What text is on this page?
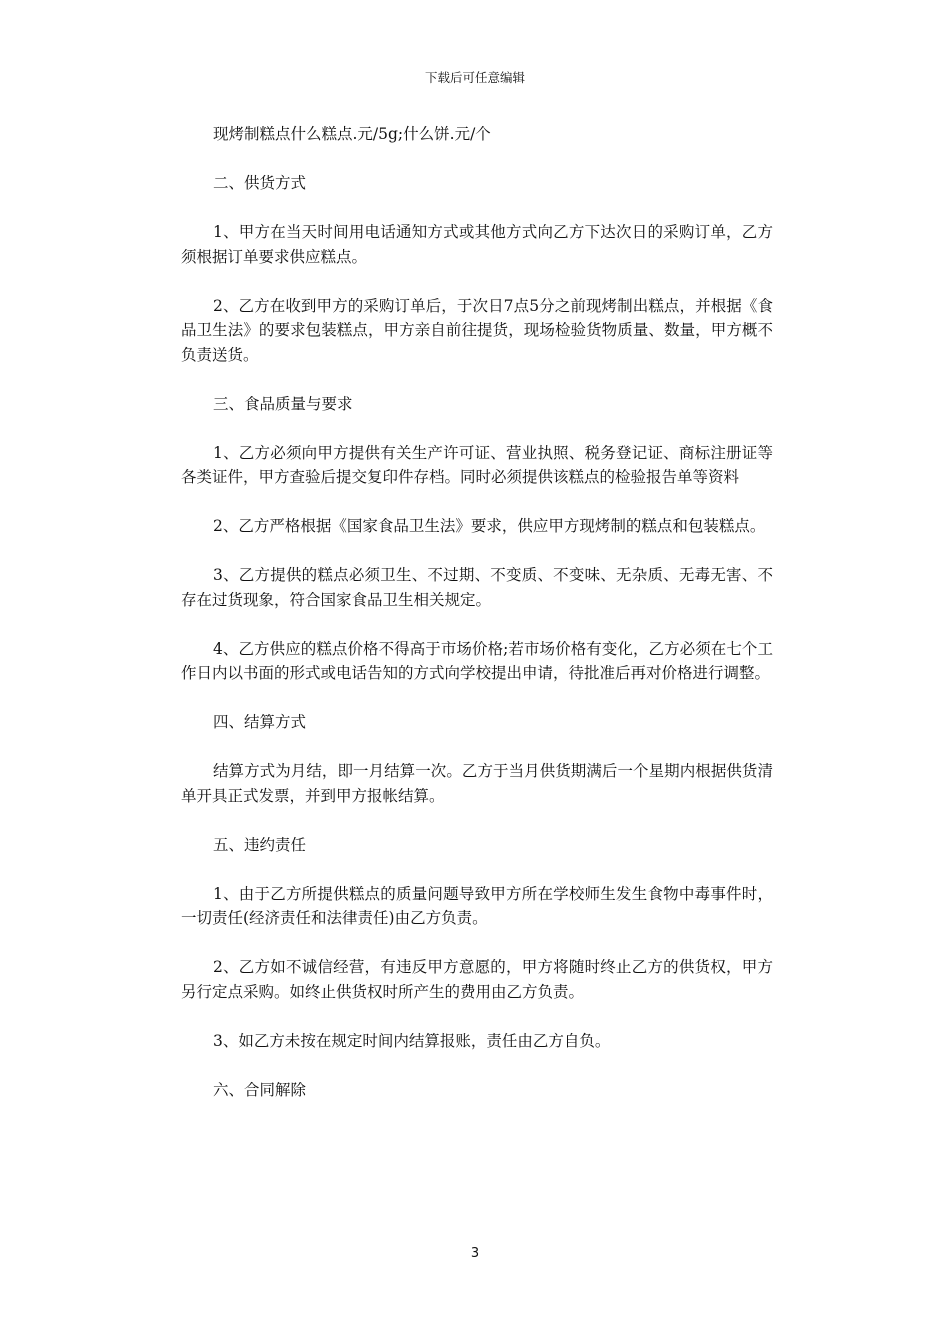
下载后可任意编辑

现烤制糕点什么糕点.元/5g;什么饼.元/个

二、供货方式

1、甲方在当天时间用电话通知方式或其他方式向乙方下达次日的采购订单，乙方须根据订单要求供应糕点。

2、乙方在收到甲方的采购订单后，于次日7点5分之前现烤制出糕点，并根据《食品卫生法》的要求包装糕点，甲方亲自前往提货，现场检验货物质量、数量，甲方概不负责送货。

三、食品质量与要求

1、乙方必须向甲方提供有关生产许可证、营业执照、税务登记证、商标注册证等各类证件，甲方查验后提交复印件存档。同时必须提供该糕点的检验报告单等资料

2、乙方严格根据《国家食品卫生法》要求，供应甲方现烤制的糕点和包装糕点。

3、乙方提供的糕点必须卫生、不过期、不变质、不变味、无杂质、无毒无害、不存在过货现象，符合国家食品卫生相关规定。

4、乙方供应的糕点价格不得高于市场价格;若市场价格有变化，乙方必须在七个工作日内以书面的形式或电话告知的方式向学校提出申请，待批准后再对价格进行调整。

四、结算方式

结算方式为月结，即一月结算一次。乙方于当月供货期满后一个星期内根据供货清单开具正式发票，并到甲方报帐结算。

五、违约责任

1、由于乙方所提供糕点的质量问题导致甲方所在学校师生发生食物中毒事件时，一切责任(经济责任和法律责任)由乙方负责。

2、乙方如不诚信经营，有违反甲方意愿的，甲方将随时终止乙方的供货权，甲方另行定点采购。如终止供货权时所产生的费用由乙方负责。

3、如乙方未按在规定时间内结算报账，责任由乙方自负。

六、合同解除

3
